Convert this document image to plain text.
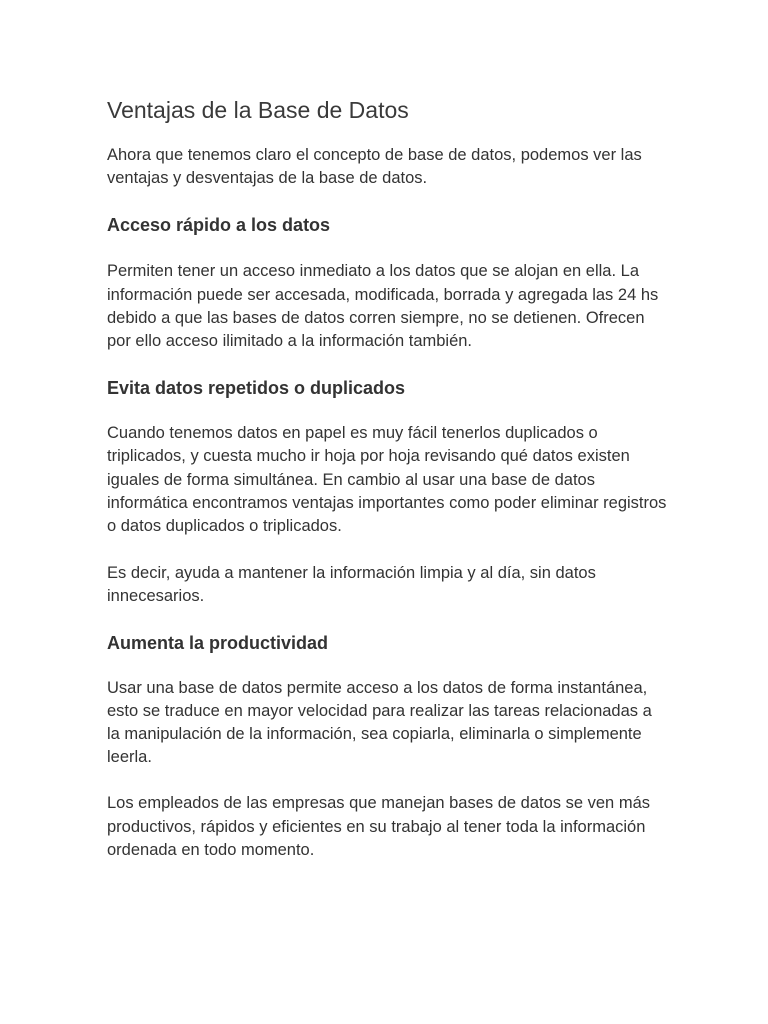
Ventajas de la Base de Datos

Ahora que tenemos claro el concepto de base de datos, podemos ver las ventajas y desventajas de la base de datos.

Acceso rápido a los datos

Permiten tener un acceso inmediato a los datos que se alojan en ella. La información puede ser accesada, modificada, borrada y agregada las 24 hs debido a que las bases de datos corren siempre, no se detienen. Ofrecen por ello acceso ilimitado a la información también.

Evita datos repetidos o duplicados

Cuando tenemos datos en papel es muy fácil tenerlos duplicados o triplicados, y cuesta mucho ir hoja por hoja revisando qué datos existen iguales de forma simultánea. En cambio al usar una base de datos informática encontramos ventajas importantes como poder eliminar registros o datos duplicados o triplicados.

Es decir, ayuda a mantener la información limpia y al día, sin datos innecesarios.

Aumenta la productividad

Usar una base de datos permite acceso a los datos de forma instantánea, esto se traduce en mayor velocidad para realizar las tareas relacionadas a la manipulación de la información, sea copiarla, eliminarla o simplemente leerla.

Los empleados de las empresas que manejan bases de datos se ven más productivos, rápidos y eficientes en su trabajo al tener toda la información ordenada en todo momento.
